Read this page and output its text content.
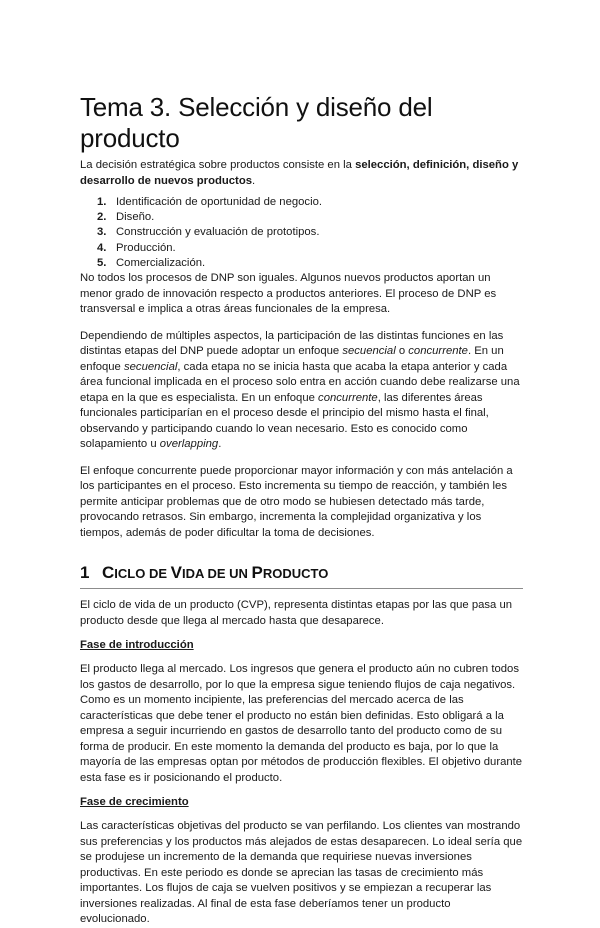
Tema 3. Selección y diseño del producto

La decisión estratégica sobre productos consiste en la selección, definición, diseño y desarrollo de nuevos productos.

1. Identificación de oportunidad de negocio.
2. Diseño.
3. Construcción y evaluación de prototipos.
4. Producción.
5. Comercialización.

No todos los procesos de DNP son iguales. Algunos nuevos productos aportan un menor grado de innovación respecto a productos anteriores. El proceso de DNP es transversal e implica a otras áreas funcionales de la empresa.

Dependiendo de múltiples aspectos, la participación de las distintas funciones en las distintas etapas del DNP puede adoptar un enfoque secuencial o concurrente. En un enfoque secuencial, cada etapa no se inicia hasta que acaba la etapa anterior y cada área funcional implicada en el proceso solo entra en acción cuando debe realizarse una etapa en la que es especialista. En un enfoque concurrente, las diferentes áreas funcionales participarían en el proceso desde el principio del mismo hasta el final, observando y participando cuando lo vean necesario. Esto es conocido como solapamiento u overlapping.

El enfoque concurrente puede proporcionar mayor información y con más antelación a los participantes en el proceso. Esto incrementa su tiempo de reacción, y también les permite anticipar problemas que de otro modo se hubiesen detectado más tarde, provocando retrasos. Sin embargo, incrementa la complejidad organizativa y los tiempos, además de poder dificultar la toma de decisiones.

1 CICLO DE VIDA DE UN PRODUCTO

El ciclo de vida de un producto (CVP), representa distintas etapas por las que pasa un producto desde que llega al mercado hasta que desaparece.

Fase de introducción

El producto llega al mercado. Los ingresos que genera el producto aún no cubren todos los gastos de desarrollo, por lo que la empresa sigue teniendo flujos de caja negativos. Como es un momento incipiente, las preferencias del mercado acerca de las características que debe tener el producto no están bien definidas. Esto obligará a la empresa a seguir incurriendo en gastos de desarrollo tanto del producto como de su forma de producir. En este momento la demanda del producto es baja, por lo que la mayoría de las empresas optan por métodos de producción flexibles. El objetivo durante esta fase es ir posicionando el producto.

Fase de crecimiento

Las características objetivas del producto se van perfilando. Los clientes van mostrando sus preferencias y los productos más alejados de estas desaparecen. Lo ideal sería que se produjese un incremento de la demanda que requiriese nuevas inversiones productivas. En este periodo es donde se aprecian las tasas de crecimiento más importantes. Los flujos de caja se vuelven positivos y se empiezan a recuperar las inversiones realizadas. Al final de esta fase deberíamos tener un producto evolucionado.
